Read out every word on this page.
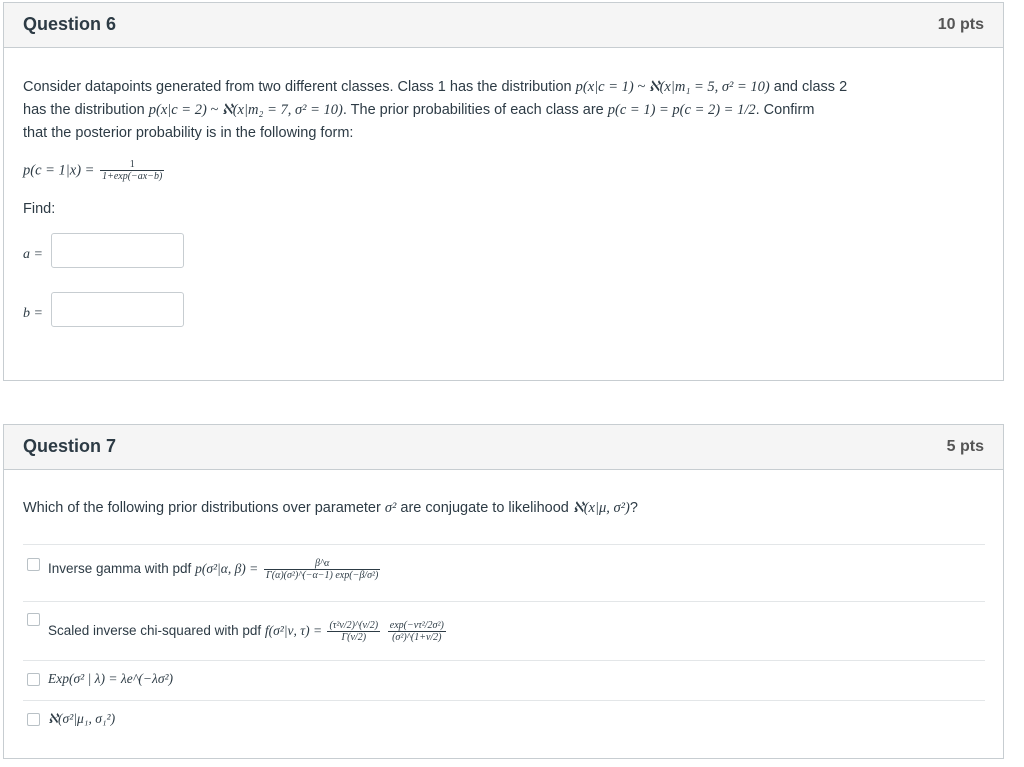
Question 6	10 pts
Consider datapoints generated from two different classes. Class 1 has the distribution p(x|c = 1) ~ ℵ(x|m₁ = 5, σ² = 10) and class 2
has the distribution p(x|c = 2) ~ ℵ(x|m₂ = 7, σ² = 10). The prior probabilities of each class are p(c = 1) = p(c = 2) = 1/2. Confirm
that the posterior probability is in the following form:
$p(c = 1|x) = \frac{1}{1+\exp(-ax-b)}$
Find:
a =
b =
Question 7	5 pts
Which of the following prior distributions over parameter σ² are conjugate to likelihood ℵ(x|μ, σ²)?
Inverse gamma with pdf p(σ²|α, $\beta) = \frac{\beta\^{}\alpha}{\text{Γ(α)(σ²)\textasciicircum{}(−α−1) exp(−β/σ²)}}$
Scaled inverse chi-squared with pdf f(σ²|ν, $\tau) = \frac{\text{(τ²ν/2)\textasciicircum{}(ν/2)}}{\Gamma(\nu/2)}$
$\frac{\text{exp(−ντ²/2σ²)}}{\text{(σ²)\textasciicircum{}(1+ν/2)}}$
Exp(σ² | λ) = λe^(−λσ²)
ℵ(σ²|μ₁, σ₁²)
